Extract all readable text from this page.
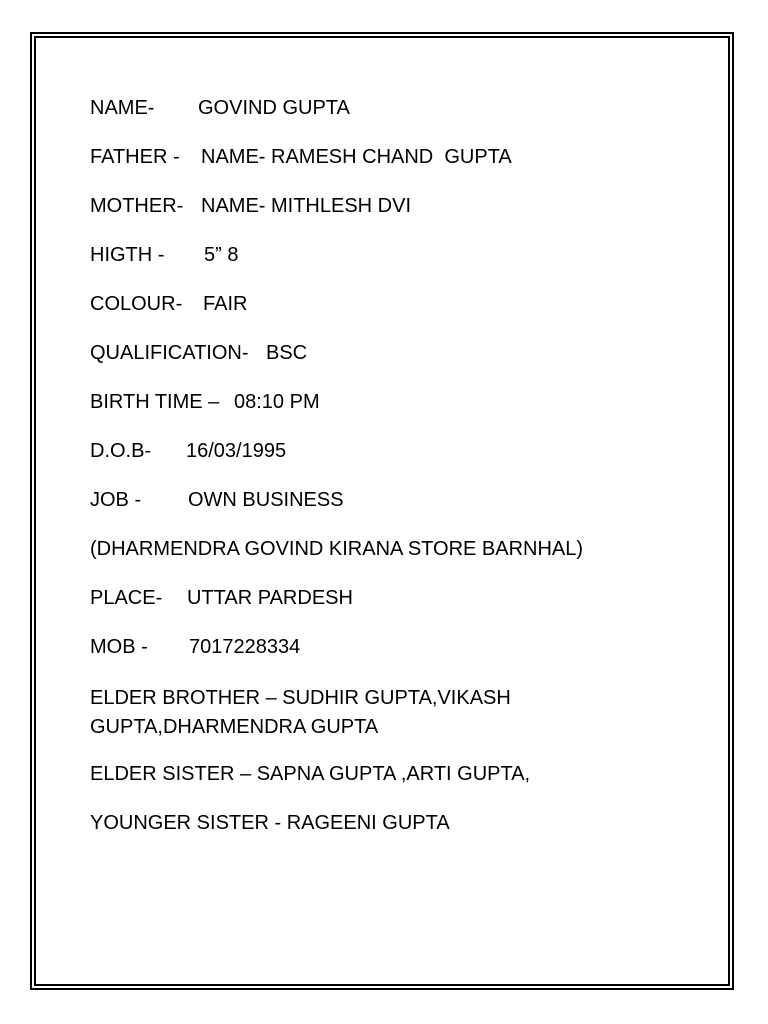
NAME- GOVIND GUPTA
FATHER - NAME- RAMESH CHAND  GUPTA
MOTHER- NAME- MITHLESH DVI
HIGTH - 5” 8
COLOUR- FAIR
QUALIFICATION- BSC
BIRTH TIME – 08:10 PM
D.O.B- 16/03/1995
JOB - OWN BUSINESS
(DHARMENDRA GOVIND KIRANA STORE BARNHAL)
PLACE- UTTAR PARDESH
MOB - 7017228334
ELDER BROTHER – SUDHIR GUPTA,VIKASH GUPTA,DHARMENDRA GUPTA
ELDER SISTER – SAPNA GUPTA ,ARTI GUPTA,
YOUNGER SISTER - RAGEENI GUPTA
